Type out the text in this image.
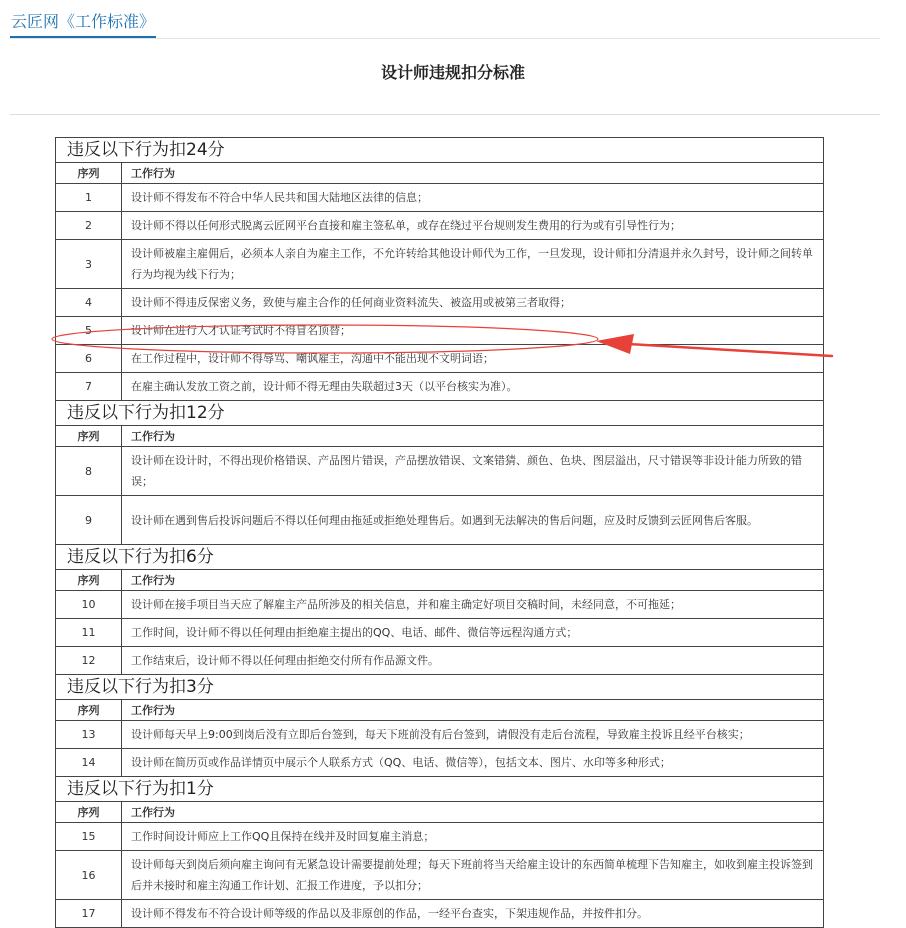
云匠网《工作标准》
设计师违规扣分标准
违反以下行为扣24分	
序列	工作行为
1	设计师不得发布不符合中华人民共和国大陆地区法律的信息；
2	设计师不得以任何形式脱离云匠网平台直接和雇主签私单，或存在绕过平台规则发生费用的行为或有引导性行为；
3	设计师被雇主雇佣后，必须本人亲自为雇主工作，不允许转给其他设计师代为工作，一旦发现，设计师扣分清退并永久封号，设计师之间转单行为均视为线下行为；
4	设计师不得违反保密义务，致使与雇主合作的任何商业资料流失、被盗用或被第三者取得；
5	设计师在进行人才认证考试时不得冒名顶替；
6	在工作过程中，设计师不得辱骂、嘲讽雇主，沟通中不能出现不文明词语；
7	在雇主确认发放工资之前，设计师不得无理由失联超过3天（以平台核实为准）。
违反以下行为扣12分	
序列	工作行为
8	设计师在设计时，不得出现价格错误、产品图片错误，产品摆放错误、文案错猜、颜色、色块、图层溢出，尺寸错误等非设计能力所致的错误；
9	设计师在遇到售后投诉问题后不得以任何理由拖延或拒绝处理售后。如遇到无法解决的售后问题，应及时反馈到云匠网售后客服。
违反以下行为扣6分	
序列	工作行为
10	设计师在接手项目当天应了解雇主产品所涉及的相关信息，并和雇主确定好项目交稿时间，未经同意，不可拖延；
11	工作时间，设计师不得以任何理由拒绝雇主提出的QQ、电话、邮件、微信等远程沟通方式；
12	工作结束后，设计师不得以任何理由拒绝交付所有作品源文件。
违反以下行为扣3分	
序列	工作行为
13	设计师每天早上9:00到岗后没有立即后台签到，每天下班前没有后台签到，请假没有走后台流程，导致雇主投诉且经平台核实；
14	设计师在简历页或作品详情页中展示个人联系方式（QQ、电话、微信等），包括文本、图片、水印等多种形式；
违反以下行为扣1分	
序列	工作行为
15	工作时间设计师应上工作QQ且保持在线并及时回复雇主消息；
16	设计师每天到岗后须向雇主询问有无紧急设计需要提前处理；每天下班前将当天给雇主设计的东西简单梳理下告知雇主，如收到雇主投诉签到后并未接时和雇主沟通工作计划、汇报工作进度，予以扣分；
17	设计师不得发布不符合设计师等级的作品以及非原创的作品，一经平台查实，下架违规作品，并按件扣分。
